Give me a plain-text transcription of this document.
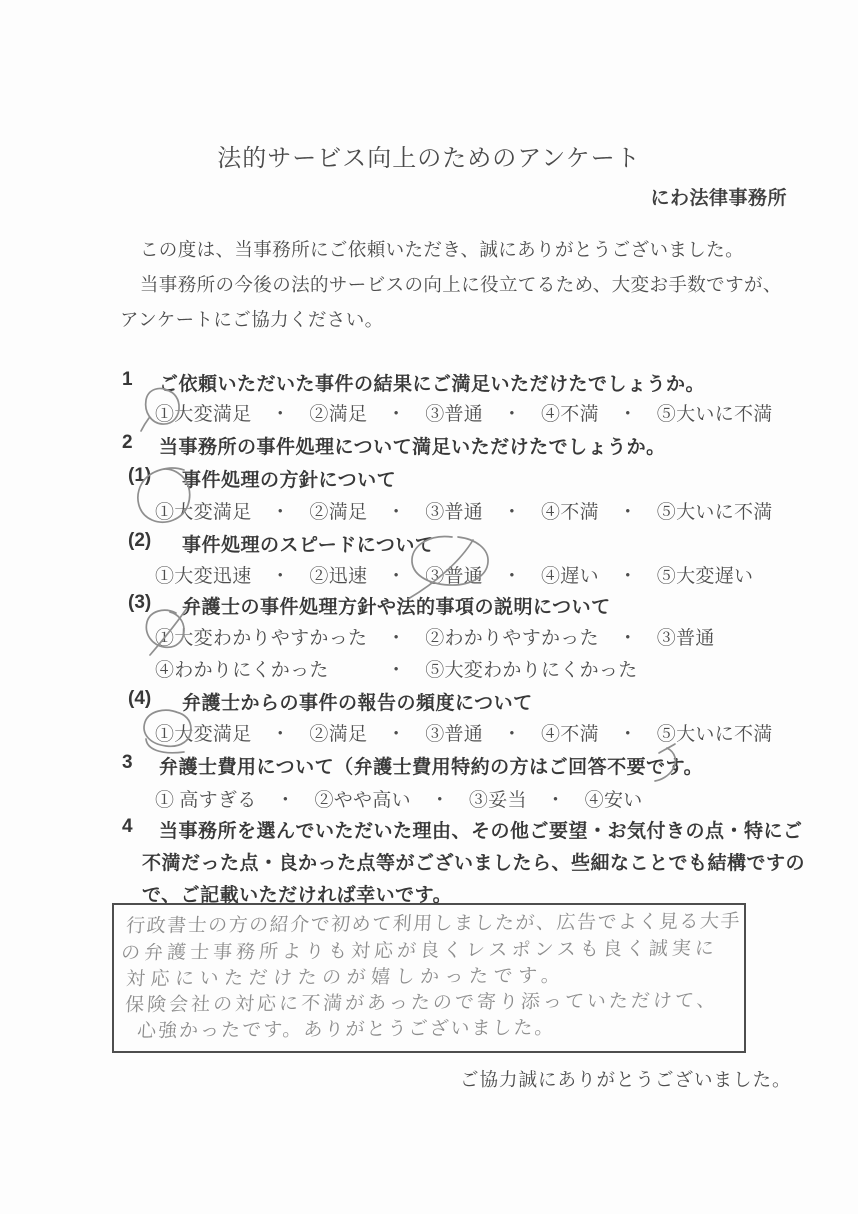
法的サービス向上のためのアンケート
にわ法律事務所
　この度は、当事務所にご依頼いただき、誠にありがとうございました。
　当事務所の今後の法的サービスの向上に役立てるため、大変お手数ですが、
アンケートにご協力ください。
1 ご依頼いただいた事件の結果にご満足いただけたでしょうか。
①大変満足　・　②満足　・　③普通　・　④不満　・　⑤大いに不満
2 当事務所の事件処理について満足いただけたでしょうか。
(1) 事件処理の方針について
①大変満足　・　②満足　・　③普通　・　④不満　・　⑤大いに不満
(2) 事件処理のスピードについて
①大変迅速　・　②迅速　・　③普通　・　④遅い　・　⑤大変遅い
(3) 弁護士の事件処理方針や法的事項の説明について
①大変わかりやすかった　・　②わかりやすかった　・　③普通
④わかりにくかった　　　・　⑤大変わかりにくかった
(4) 弁護士からの事件の報告の頻度について
①大変満足　・　②満足　・　③普通　・　④不満　・　⑤大いに不満
3 弁護士費用について（弁護士費用特約の方はご回答不要です。
① 高すぎる　・　②やや高い　・　③妥当　・　④安い
4 当事務所を選んでいただいた理由、その他ご要望・お気付きの点・特にご
不満だった点・良かった点等がございましたら、些細なことでも結構ですの
で、ご記載いただければ幸いです。
行政書士の方の紹介で初めて利用しましたが、広告でよく見る大手
の弁護士事務所よりも対応が良くレスポンスも良く誠実に
対応にいただけたのが嬉しかったです。
保険会社の対応に不満があったので寄り添っていただけて、
心強かったです。ありがとうございました。
ご協力誠にありがとうございました。
